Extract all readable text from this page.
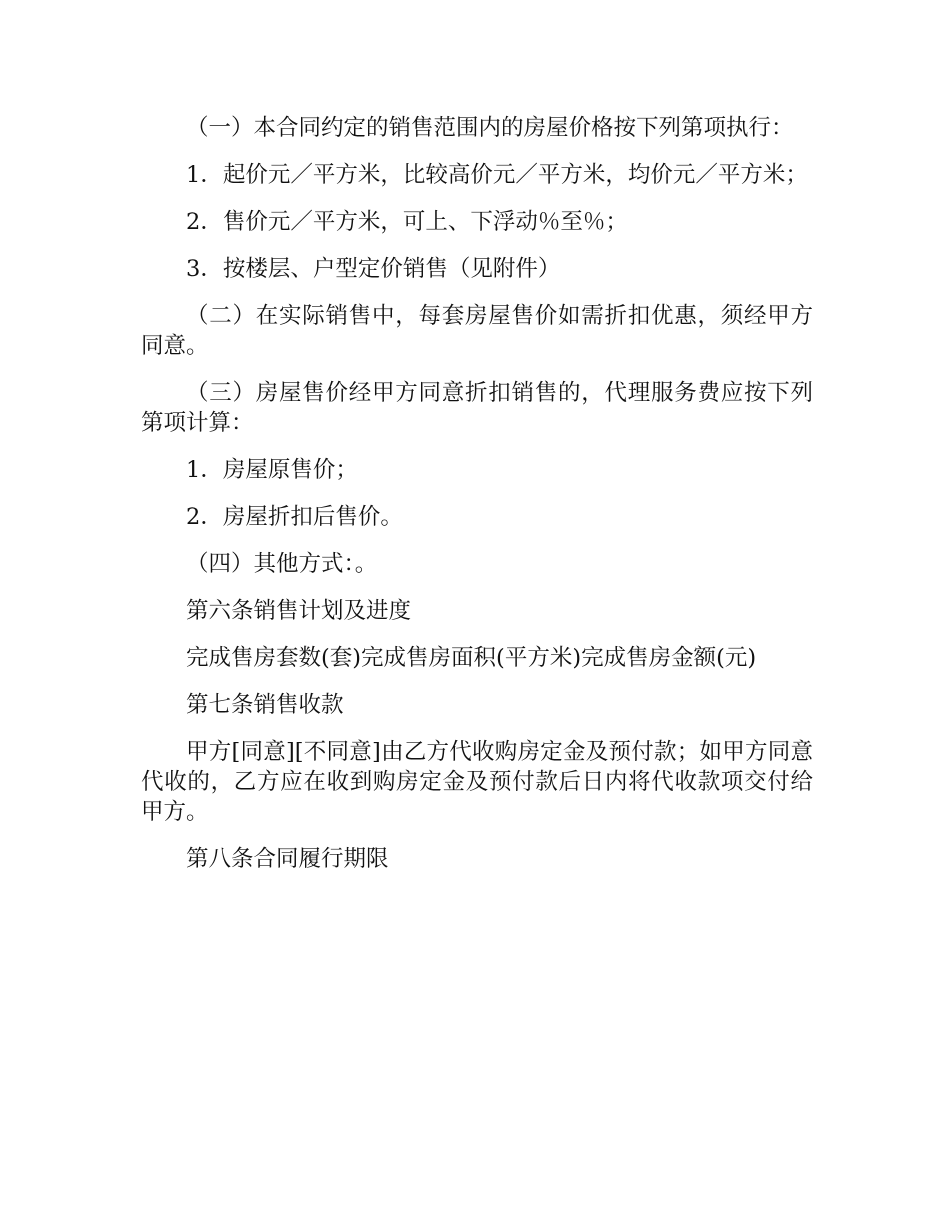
（一）本合同约定的销售范围内的房屋价格按下列第项执行：

1．起价元／平方米，比较高价元／平方米，均价元／平方米；

2．售价元／平方米，可上、下浮动％至％；

3．按楼层、户型定价销售（见附件）

（二）在实际销售中，每套房屋售价如需折扣优惠，须经甲方同意。

（三）房屋售价经甲方同意折扣销售的，代理服务费应按下列第项计算：

1．房屋原售价；

2．房屋折扣后售价。

（四）其他方式：。

第六条销售计划及进度

完成售房套数(套)完成售房面积(平方米)完成售房金额(元)

第七条销售收款

甲方[同意][不同意]由乙方代收购房定金及预付款；如甲方同意代收的，乙方应在收到购房定金及预付款后日内将代收款项交付给甲方。

第八条合同履行期限
